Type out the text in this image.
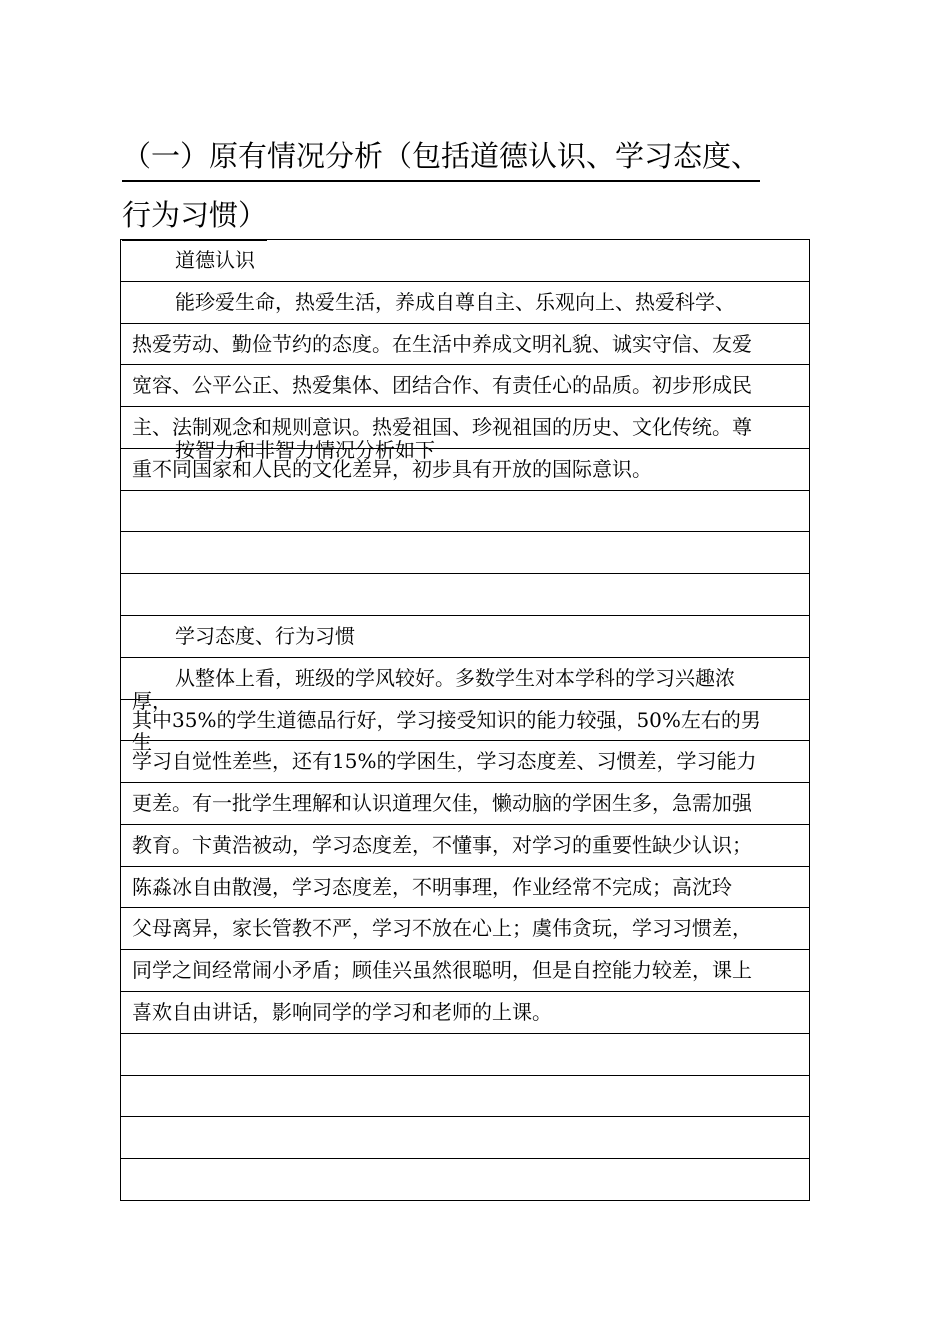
（一）原有情况分析（包括道德认识、学习态度、
行为习惯）
道德认识
能珍爱生命，热爱生活，养成自尊自主、乐观向上、热爱科学、
热爱劳动、勤俭节约的态度。在生活中养成文明礼貌、诚实守信、友爱
宽容、公平公正、热爱集体、团结合作、有责任心的品质。初步形成民
主、法制观念和规则意识。热爱祖国、珍视祖国的历史、文化传统。尊
重不同国家和人民的文化差异，初步具有开放的国际意识。
学习态度、行为习惯
从整体上看，班级的学风较好。多数学生对本学科的学习兴趣浓
其中35%的学生道德品行好，学习接受知识的能力较强，50%左右的男
学习自觉性差些，还有15%的学困生，学习态度差、习惯差，学习能力
更差。有一批学生理解和认识道理欠佳，懒动脑的学困生多，急需加强
教育。卞黄浩被动，学习态度差，不懂事，对学习的重要性缺少认识；
陈淼冰自由散漫，学习态度差，不明事理，作业经常不完成；高沈玲
父母离异，家长管教不严，学习不放在心上；虞伟贪玩，学习习惯差，
同学之间经常闹小矛盾；顾佳兴虽然很聪明，但是自控能力较差，课上
喜欢自由讲话，影响同学的学习和老师的上课。
按智力和非智力情况分析如下
厚，
生
